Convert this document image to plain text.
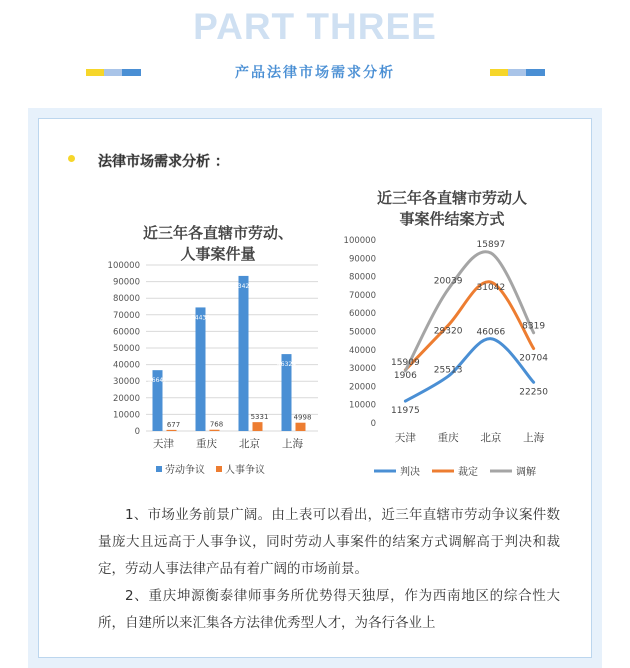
PART THREE
产品法律市场需求分析
法律市场需求分析 ：
近三年各直辖市劳动、
人事案件量
0
10000
20000
30000
40000
50000
60000
70000
80000
90000
100000
天津
36647
677
重庆
74438
768
北京
93427
5331
上海
46324
4998
劳动争议 人事争议
近三年各直辖市劳动人
事案件结案方式
0
10000
20000
30000
40000
50000
60000
70000
80000
90000
100000
天津 重庆 北京 上海
11975
25513
46066
22250
1906
29320
31042
20704
15909
20039
15897
8319
判决	裁定	调解

1、市场业务前景广阔。由上表可以看出，近三年直辖市劳动争议案件数量庞大且远高于人事争议，同时劳动人事案件的结案方式调解高于判决和裁定，劳动人事法律产品有着广阔的市场前景。

2、重庆坤源衡泰律师事务所优势得天独厚，作为西南地区的综合性大所，自建所以来汇集各方法律优秀型人才，为各行各业上
